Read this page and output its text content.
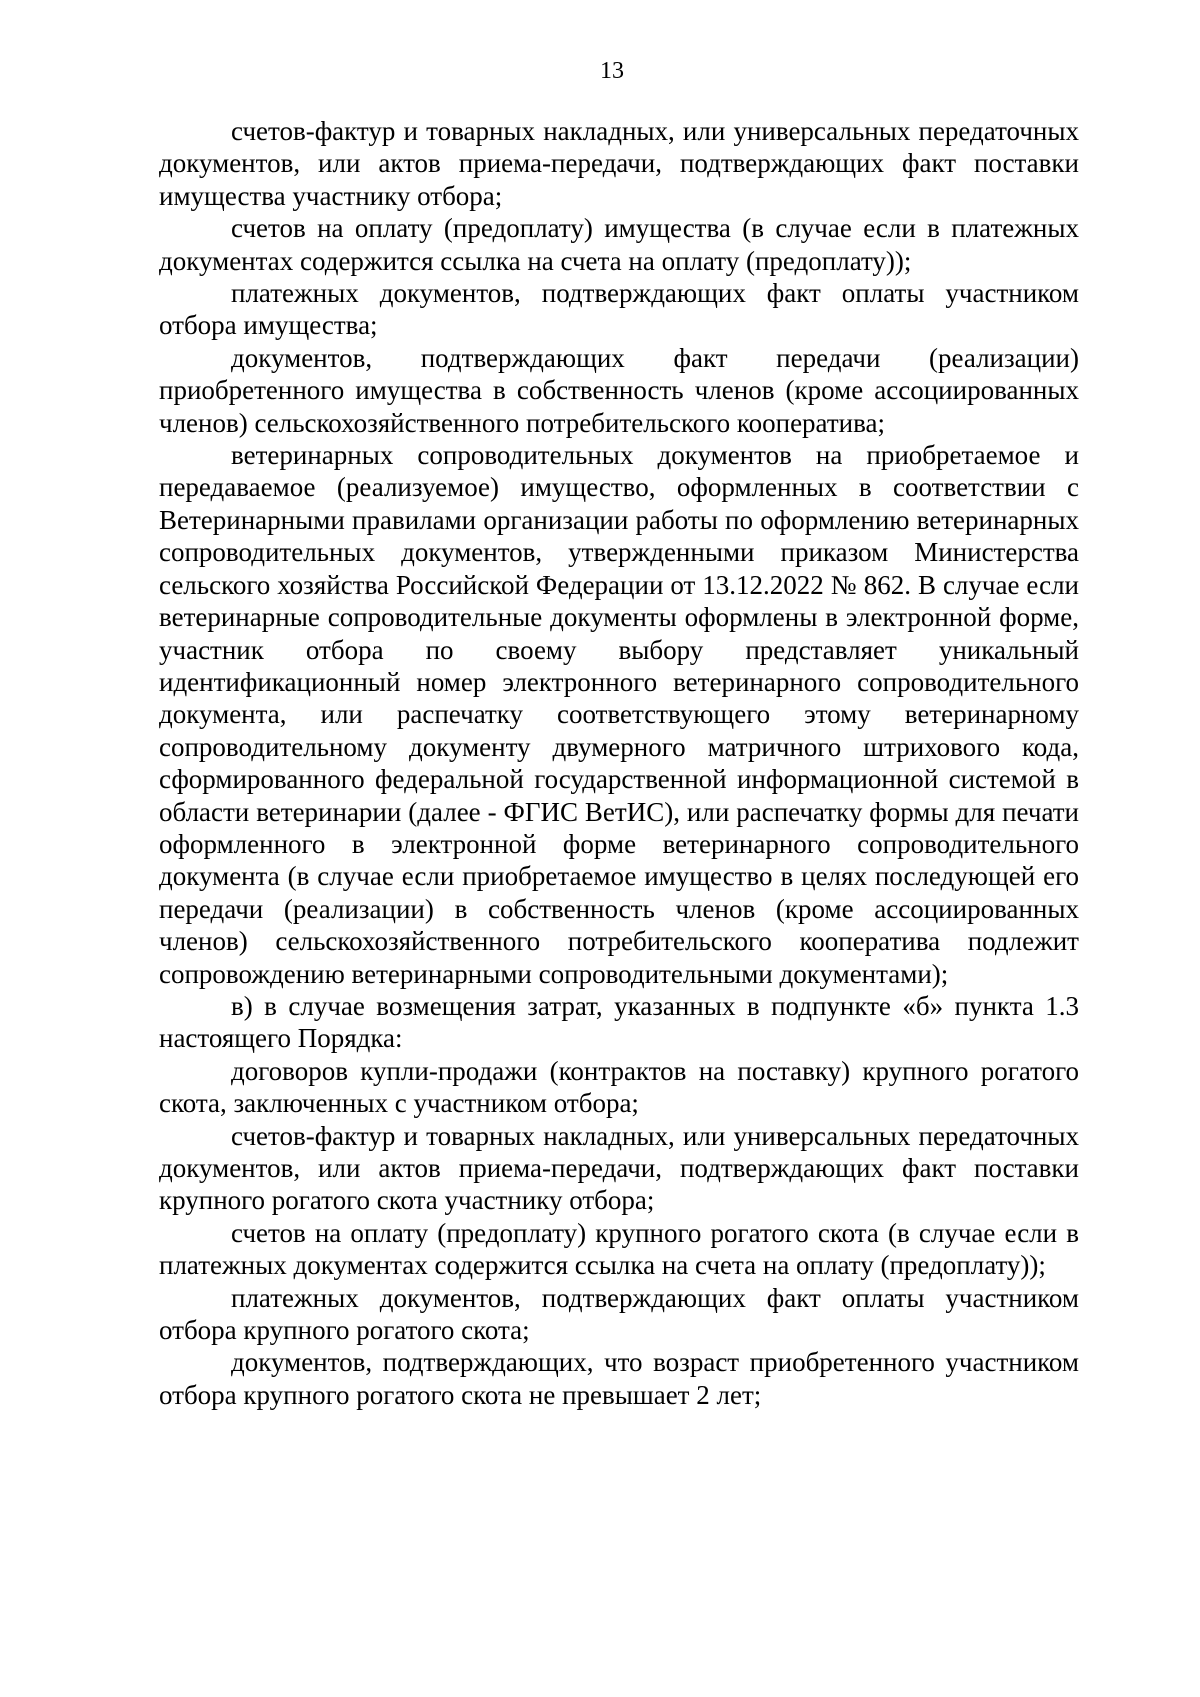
13

счетов-фактур и товарных накладных, или универсальных передаточных документов, или актов приема-передачи, подтверждающих факт поставки имущества участнику отбора;

счетов на оплату (предоплату) имущества (в случае если в платежных документах содержится ссылка на счета на оплату (предоплату));

платежных документов, подтверждающих факт оплаты участником отбора имущества;

документов, подтверждающих факт передачи (реализации) приобретенного имущества в собственность членов (кроме ассоциированных членов) сельскохозяйственного потребительского кооператива;

ветеринарных сопроводительных документов на приобретаемое и передаваемое (реализуемое) имущество, оформленных в соответствии с Ветеринарными правилами организации работы по оформлению ветеринарных сопроводительных документов, утвержденными приказом Министерства сельского хозяйства Российской Федерации от 13.12.2022 № 862. В случае если ветеринарные сопроводительные документы оформлены в электронной форме, участник отбора по своему выбору представляет уникальный идентификационный номер электронного ветеринарного сопроводительного документа, или распечатку соответствующего этому ветеринарному сопроводительному документу двумерного матричного штрихового кода, сформированного федеральной государственной информационной системой в области ветеринарии (далее - ФГИС ВетИС), или распечатку формы для печати оформленного в электронной форме ветеринарного сопроводительного документа (в случае если приобретаемое имущество в целях последующей его передачи (реализации) в собственность членов (кроме ассоциированных членов) сельскохозяйственного потребительского кооператива подлежит сопровождению ветеринарными сопроводительными документами);

в) в случае возмещения затрат, указанных в подпункте «б» пункта 1.3 настоящего Порядка:

договоров купли-продажи (контрактов на поставку) крупного рогатого скота, заключенных с участником отбора;

счетов-фактур и товарных накладных, или универсальных передаточных документов, или актов приема-передачи, подтверждающих факт поставки крупного рогатого скота участнику отбора;

счетов на оплату (предоплату) крупного рогатого скота (в случае если в платежных документах содержится ссылка на счета на оплату (предоплату));

платежных документов, подтверждающих факт оплаты участником отбора крупного рогатого скота;

документов, подтверждающих, что возраст приобретенного участником отбора крупного рогатого скота не превышает 2 лет;
